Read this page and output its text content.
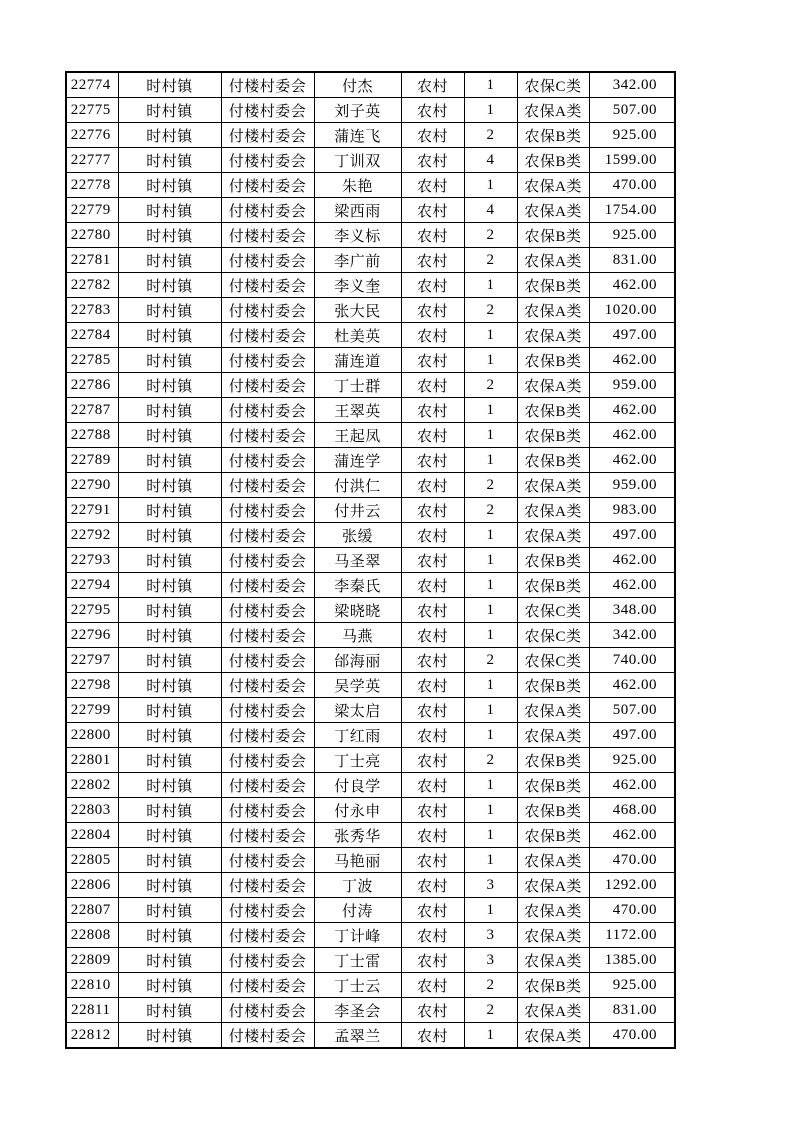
22774	时村镇	付楼村委会	付杰	农村	1	农保C类	342.00
22775	时村镇	付楼村委会	刘子英	农村	1	农保A类	507.00
22776	时村镇	付楼村委会	蒲连飞	农村	2	农保B类	925.00
22777	时村镇	付楼村委会	丁训双	农村	4	农保B类	1599.00
22778	时村镇	付楼村委会	朱艳	农村	1	农保A类	470.00
22779	时村镇	付楼村委会	梁西雨	农村	4	农保A类	1754.00
22780	时村镇	付楼村委会	李义标	农村	2	农保B类	925.00
22781	时村镇	付楼村委会	李广前	农村	2	农保A类	831.00
22782	时村镇	付楼村委会	李义奎	农村	1	农保B类	462.00
22783	时村镇	付楼村委会	张大民	农村	2	农保A类	1020.00
22784	时村镇	付楼村委会	杜美英	农村	1	农保A类	497.00
22785	时村镇	付楼村委会	蒲连道	农村	1	农保B类	462.00
22786	时村镇	付楼村委会	丁士群	农村	2	农保A类	959.00
22787	时村镇	付楼村委会	王翠英	农村	1	农保B类	462.00
22788	时村镇	付楼村委会	王起凤	农村	1	农保B类	462.00
22789	时村镇	付楼村委会	蒲连学	农村	1	农保B类	462.00
22790	时村镇	付楼村委会	付洪仁	农村	2	农保A类	959.00
22791	时村镇	付楼村委会	付井云	农村	2	农保A类	983.00
22792	时村镇	付楼村委会	张缓	农村	1	农保A类	497.00
22793	时村镇	付楼村委会	马圣翠	农村	1	农保B类	462.00
22794	时村镇	付楼村委会	李秦氏	农村	1	农保B类	462.00
22795	时村镇	付楼村委会	梁晓晓	农村	1	农保C类	348.00
22796	时村镇	付楼村委会	马燕	农村	1	农保C类	342.00
22797	时村镇	付楼村委会	邰海丽	农村	2	农保C类	740.00
22798	时村镇	付楼村委会	吴学英	农村	1	农保B类	462.00
22799	时村镇	付楼村委会	梁太启	农村	1	农保A类	507.00
22800	时村镇	付楼村委会	丁红雨	农村	1	农保A类	497.00
22801	时村镇	付楼村委会	丁士亮	农村	2	农保B类	925.00
22802	时村镇	付楼村委会	付良学	农村	1	农保B类	462.00
22803	时村镇	付楼村委会	付永申	农村	1	农保B类	468.00
22804	时村镇	付楼村委会	张秀华	农村	1	农保B类	462.00
22805	时村镇	付楼村委会	马艳丽	农村	1	农保A类	470.00
22806	时村镇	付楼村委会	丁波	农村	3	农保A类	1292.00
22807	时村镇	付楼村委会	付涛	农村	1	农保A类	470.00
22808	时村镇	付楼村委会	丁计峰	农村	3	农保A类	1172.00
22809	时村镇	付楼村委会	丁士雷	农村	3	农保A类	1385.00
22810	时村镇	付楼村委会	丁士云	农村	2	农保B类	925.00
22811	时村镇	付楼村委会	李圣会	农村	2	农保A类	831.00
22812	时村镇	付楼村委会	孟翠兰	农村	1	农保A类	470.00
